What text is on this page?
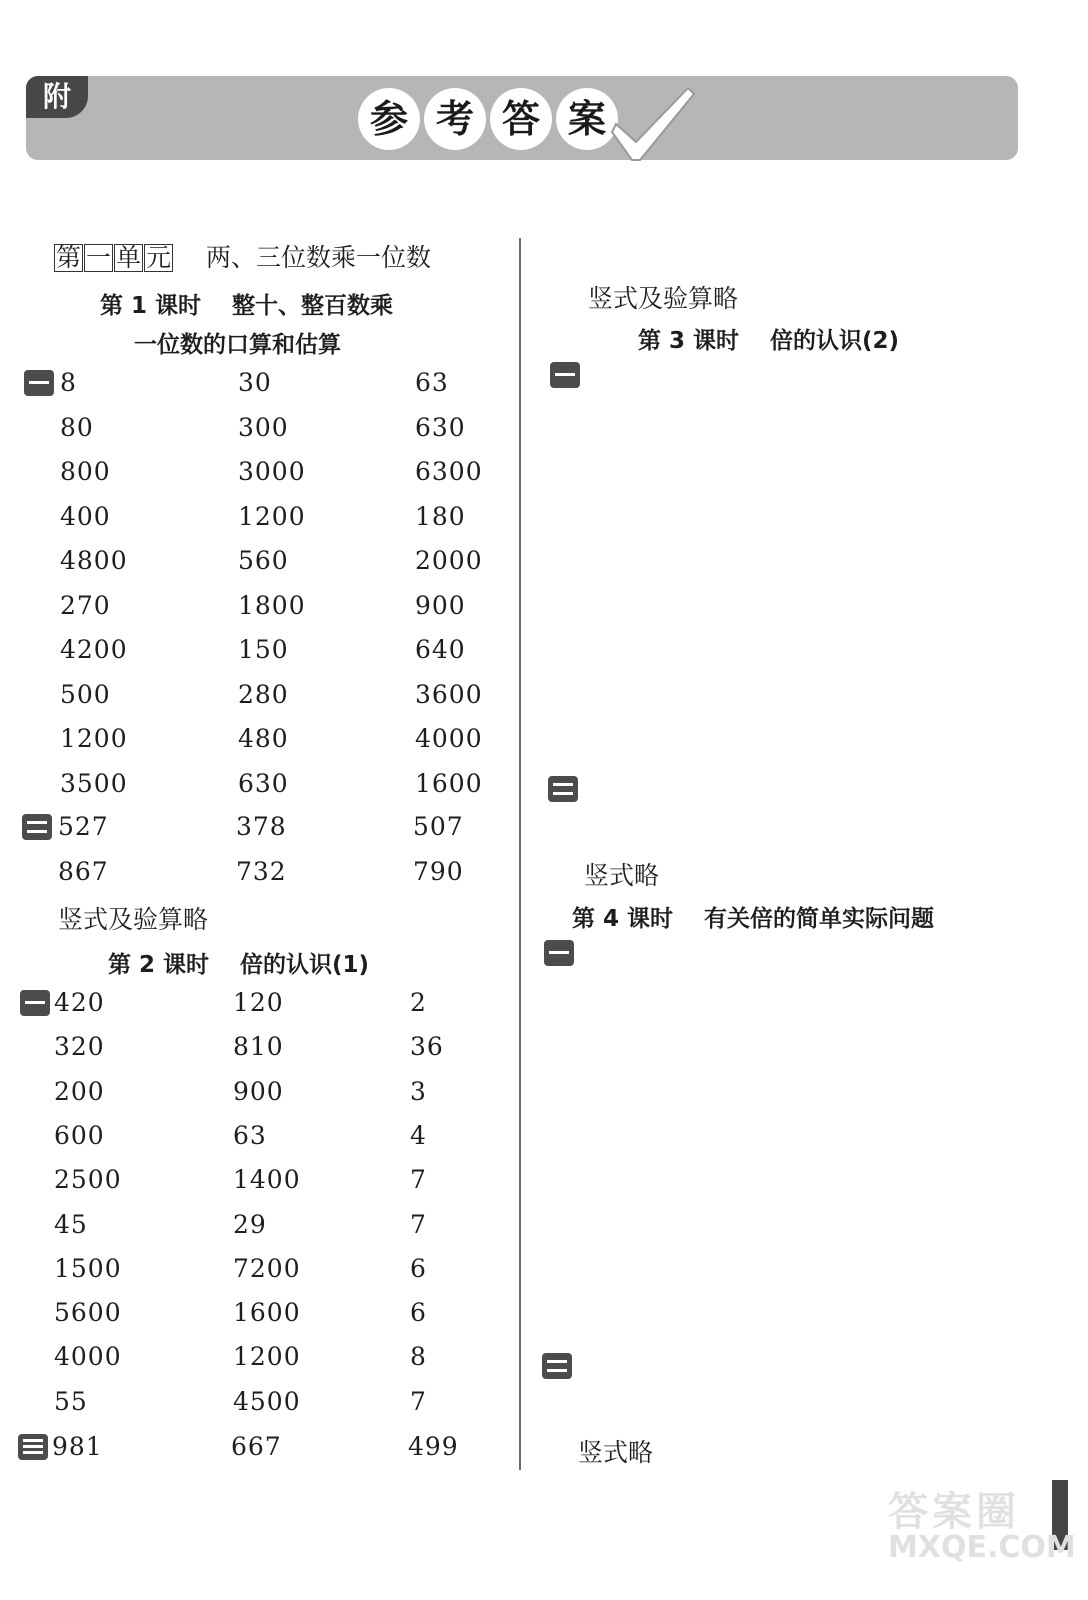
附
参 考 答 案
第 一 单 元 两、三位数乘一位数
第 1 课时　 整十、整百数乘
一位数的口算和估算
8	30	63
80	300	630
800	3000	6300
400	1200	180
4800	560	2000
270	1800	900
4200	150	640
500	280	3600
1200	480	4000
3500	630	1600
527	378	507
867	732	790
竖式及验算略
第 2 课时　 倍的认识(1)
420	120	2
320	810	36
200	900	3
600	63	4
2500	1400	7
45	29	7
1500	7200	6
5600	1600	6
4000	1200	8
55	4500	7
981	667	499
竖式及验算略
第 3 课时　 倍的认识(2)
竖式略
第 4 课时　 有关倍的简单实际问题
竖式略
答案圈
MXQE.COM
